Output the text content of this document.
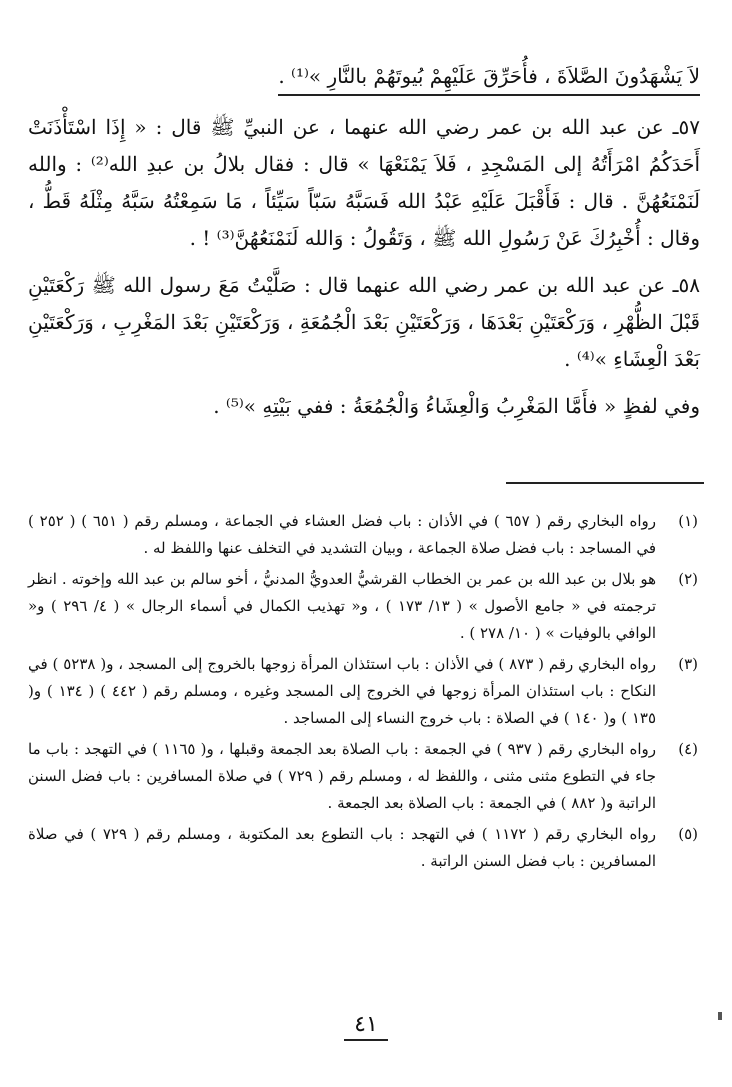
لاَ يَشْهَدُونَ الصَّلاَةَ ، فأُحَرِّقَ عَلَيْهِمْ بُيوتَهُمْ بالنَّارِ »⁽¹⁾ .

٥٧ـ عن عبد الله بن عمر رضي الله عنهما ، عن النبيِّ ﷺ قال : « إِذَا اسْتَأْذَنَتْ أَحَدَكُمُ امْرَأَتُهُ إلى المَسْجِدِ ، فَلاَ يَمْنَعْهَا » قال : فقال بلالُ بن عبدِ الله⁽²⁾ : والله لَنَمْنَعُهُنَّ . قال : فَأَقْبَلَ عَلَيْهِ عَبْدُ الله فَسَبَّهُ سَبّاً سَيِّئاً ، مَا سَمِعْتُهُ سَبَّهُ مِثْلَهُ قَطُّ ، وقال : أُخْبِرُكَ عَنْ رَسُولِ الله ﷺ ، وَتَقُولُ : وَالله لَنَمْنَعُهُنَّ⁽³⁾ ! .

٥٨ـ عن عبد الله بن عمر رضي الله عنهما قال : صَلَّيْتُ مَعَ رسول الله ﷺ رَكْعَتَيْنِ قَبْلَ الظُّهْرِ ، وَرَكْعَتَيْنِ بَعْدَهَا ، وَرَكْعَتَيْنِ بَعْدَ الْجُمُعَةِ ، وَرَكْعَتَيْنِ بَعْدَ المَغْرِبِ ، وَرَكْعَتَيْنِ بَعْدَ الْعِشَاءِ »⁽⁴⁾ .

وفي لفظٍ « فأَمَّا المَغْرِبُ وَالْعِشَاءُ وَالْجُمُعَةُ : ففي بَيْتِهِ »⁽⁵⁾ .

(١)
رواه البخاري رقم ( ٦٥٧ ) في الأذان : باب فضل العشاء في الجماعة ، ومسلم رقم ( ٦٥١ ) ( ٢٥٢ ) في المساجد : باب فضل صلاة الجماعة ، وبيان التشديد في التخلف عنها واللفظ له .
(٢)
هو بلال بن عبد الله بن عمر بن الخطاب القرشيُّ العدويُّ المدنيُّ ، أخو سالم بن عبد الله وإخوته . انظر ترجمته في « جامع الأصول » ( ١٣/ ١٧٣ ) ، و« تهذيب الكمال في أسماء الرجال » ( ٤/ ٢٩٦ ) و« الوافي بالوفيات » ( ١٠/ ٢٧٨ ) .
(٣)
رواه البخاري رقم ( ٨٧٣ ) في الأذان : باب استئذان المرأة زوجها بالخروج إلى المسجد ، و( ٥٢٣٨ ) في النكاح : باب استئذان المرأة زوجها في الخروج إلى المسجد وغيره ، ومسلم رقم ( ٤٤٢ ) ( ١٣٤ ) و( ١٣٥ ) و( ١٤٠ ) في الصلاة : باب خروج النساء إلى المساجد .
(٤)
رواه البخاري رقم ( ٩٣٧ ) في الجمعة : باب الصلاة بعد الجمعة وقبلها ، و( ١١٦٥ ) في التهجد : باب ما جاء في التطوع مثنى مثنى ، واللفظ له ، ومسلم رقم ( ٧٢٩ ) في صلاة المسافرين : باب فضل السنن الراتبة و( ٨٨٢ ) في الجمعة : باب الصلاة بعد الجمعة .
(٥)
رواه البخاري رقم ( ١١٧٢ ) في التهجد : باب التطوع بعد المكتوبة ، ومسلم رقم ( ٧٢٩ ) في صلاة المسافرين : باب فضل السنن الراتبة .
٤١
